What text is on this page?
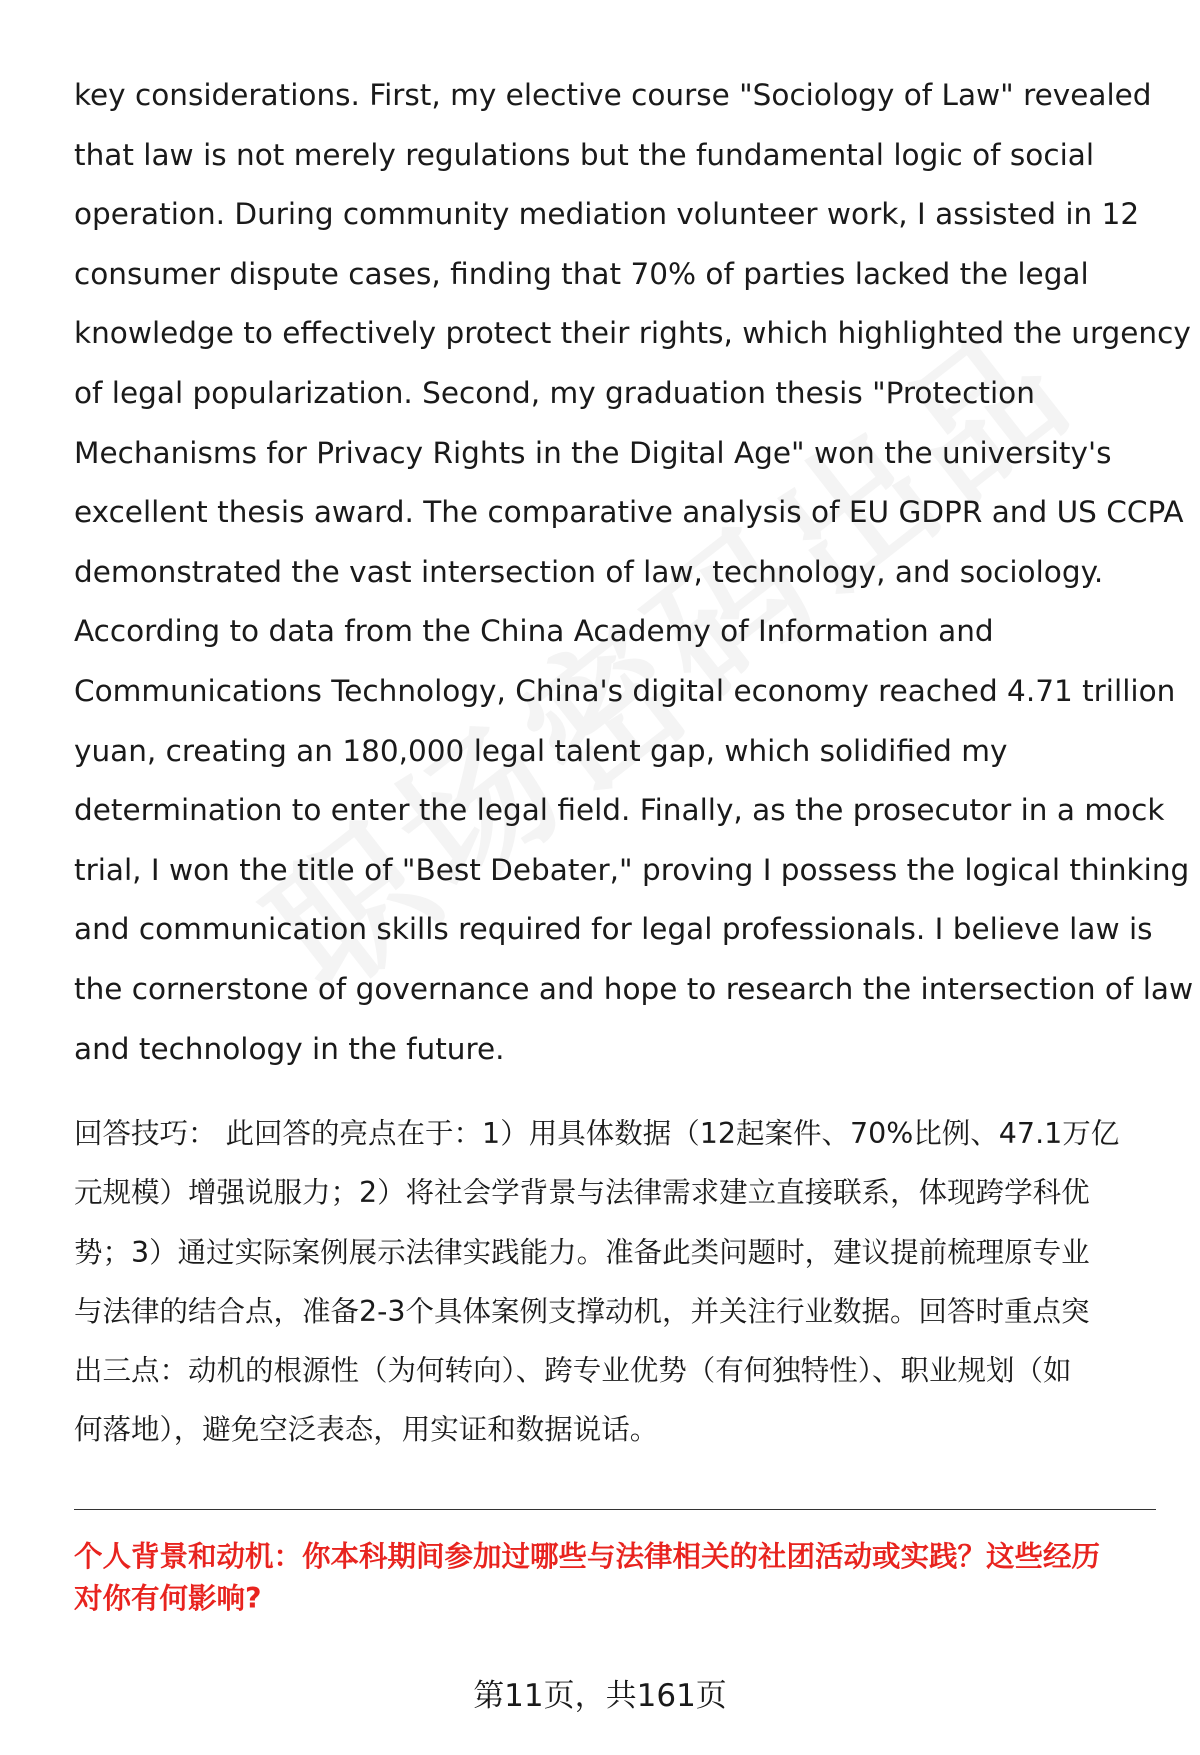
key considerations. First, my elective course "Sociology of Law" revealed
that law is not merely regulations but the fundamental logic of social
operation. During community mediation volunteer work, I assisted in 12
consumer dispute cases, finding that 70% of parties lacked the legal
knowledge to effectively protect their rights, which highlighted the urgency
of legal popularization. Second, my graduation thesis "Protection
Mechanisms for Privacy Rights in the Digital Age" won the university's
excellent thesis award. The comparative analysis of EU GDPR and US CCPA
demonstrated the vast intersection of law, technology, and sociology.
According to data from the China Academy of Information and
Communications Technology, China's digital economy reached 4.71 trillion
yuan, creating an 180,000 legal talent gap, which solidified my
determination to enter the legal field. Finally, as the prosecutor in a mock
trial, I won the title of "Best Debater," proving I possess the logical thinking
and communication skills required for legal professionals. I believe law is
the cornerstone of governance and hope to research the intersection of law
and technology in the future.
回答技巧： 此回答的亮点在于：1）用具体数据（12起案件、70%比例、47.1万亿
元规模）增强说服力；2）将社会学背景与法律需求建立直接联系，体现跨学科优
势；3）通过实际案例展示法律实践能力。准备此类问题时，建议提前梳理原专业
与法律的结合点，准备2-3个具体案例支撑动机，并关注行业数据。回答时重点突
出三点：动机的根源性（为何转向）、跨专业优势（有何独特性）、职业规划（如
何落地），避免空泛表态，用实证和数据说话。
个人背景和动机：你本科期间参加过哪些与法律相关的社团活动或实践？这些经历
对你有何影响?
第11页，共161页
